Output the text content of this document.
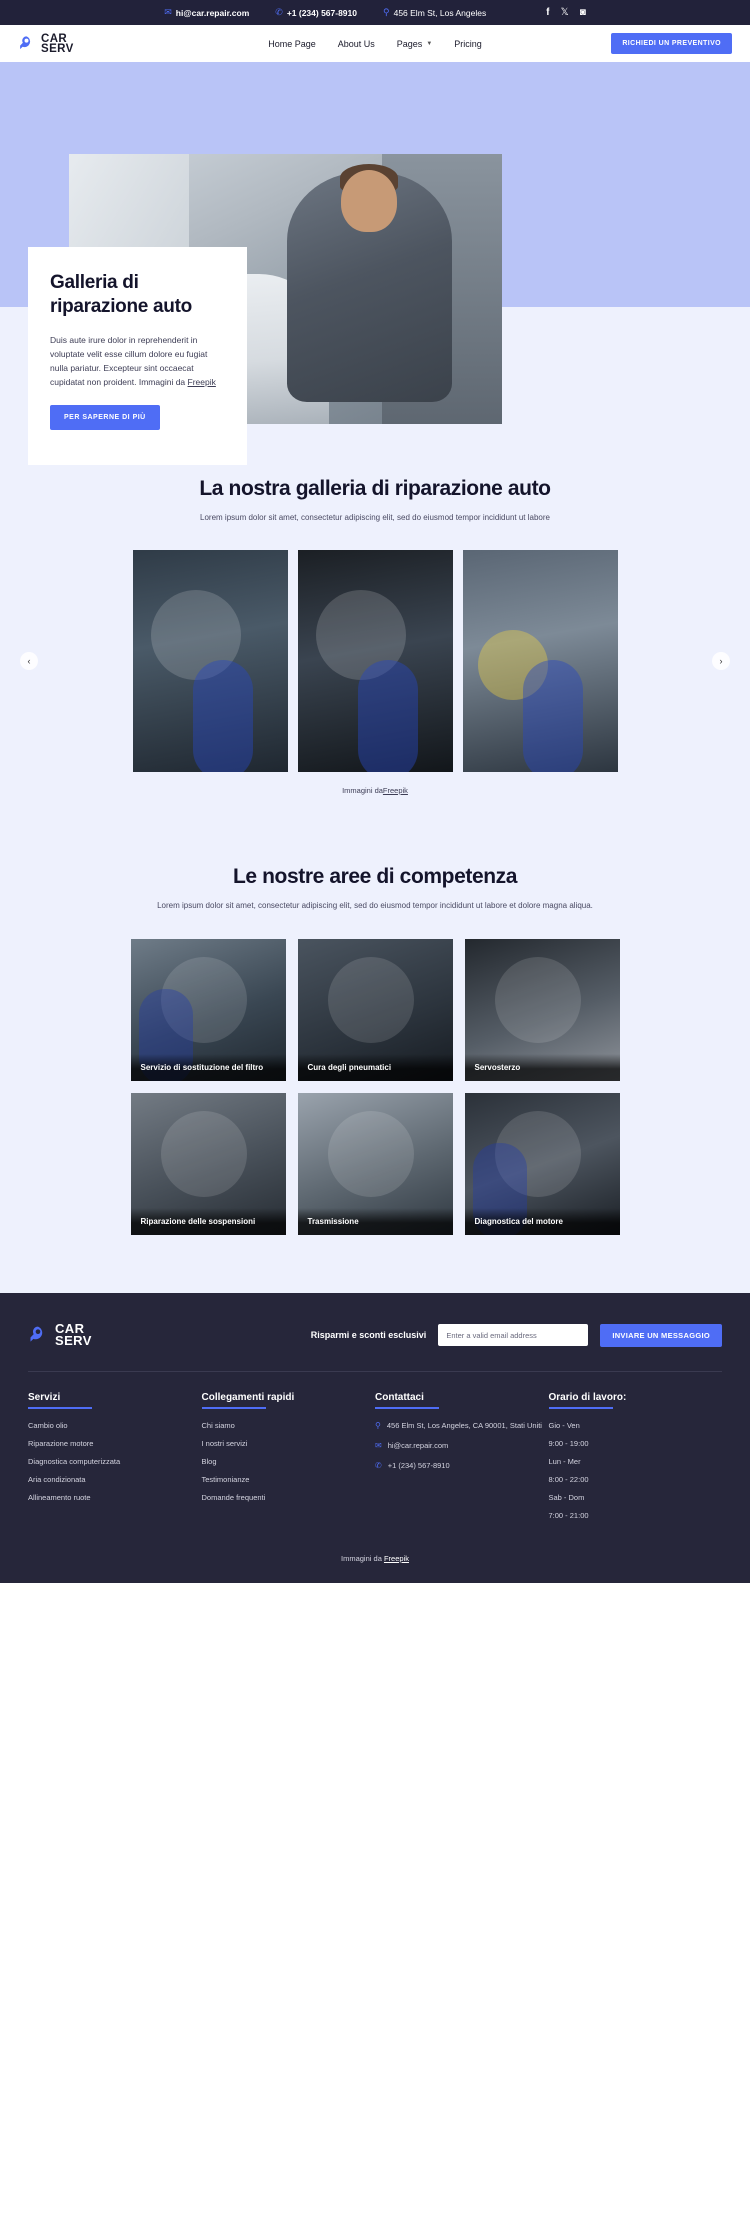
✉ hi@car.repair.com	✆ +1 (234) 567-8910	⚲ 456 Elm St, Los Angeles	𝐟 𝕏 ◙
CAR
SERV	Home Page About Us Pages ▼ Pricing	RICHIEDI UN PREVENTIVO
Galleria di riparazione auto

Duis aute irure dolor in reprehenderit in voluptate velit esse cillum dolore eu fugiat nulla pariatur. Excepteur sint occaecat cupidatat non proident. Immagini da Freepik

PER SAPERNE DI PIÙ
La nostra galleria di riparazione auto
Lorem ipsum dolor sit amet, consectetur adipiscing elit, sed do eiusmod tempor incididunt ut labore
‹	›
Immagini daFreepik
Le nostre aree di competenza
Lorem ipsum dolor sit amet, consectetur adipiscing elit, sed do eiusmod tempor incididunt ut labore et dolore magna aliqua.
Servizio di sostituzione del filtro	Cura degli pneumatici	Servosterzo
Riparazione delle sospensioni	Trasmissione	Diagnostica del motore
CAR
SERV	Risparmi e sconti esclusivi	Enter a valid email address	INVIARE UN MESSAGGIO
Servizi
Cambio olio
Riparazione motore
Diagnostica computerizzata
Aria condizionata
Allineamento ruote
Collegamenti rapidi
Chi siamo
I nostri servizi
Blog
Testimonianze
Domande frequenti
Contattaci
⚲ 456 Elm St, Los Angeles, CA 90001, Stati Uniti
✉ hi@car.repair.com
✆ +1 (234) 567-8910
Orario di lavoro:
Gio - Ven
9:00 - 19:00
Lun - Mer
8:00 - 22:00
Sab - Dom
7:00 - 21:00
Immagini da Freepik
